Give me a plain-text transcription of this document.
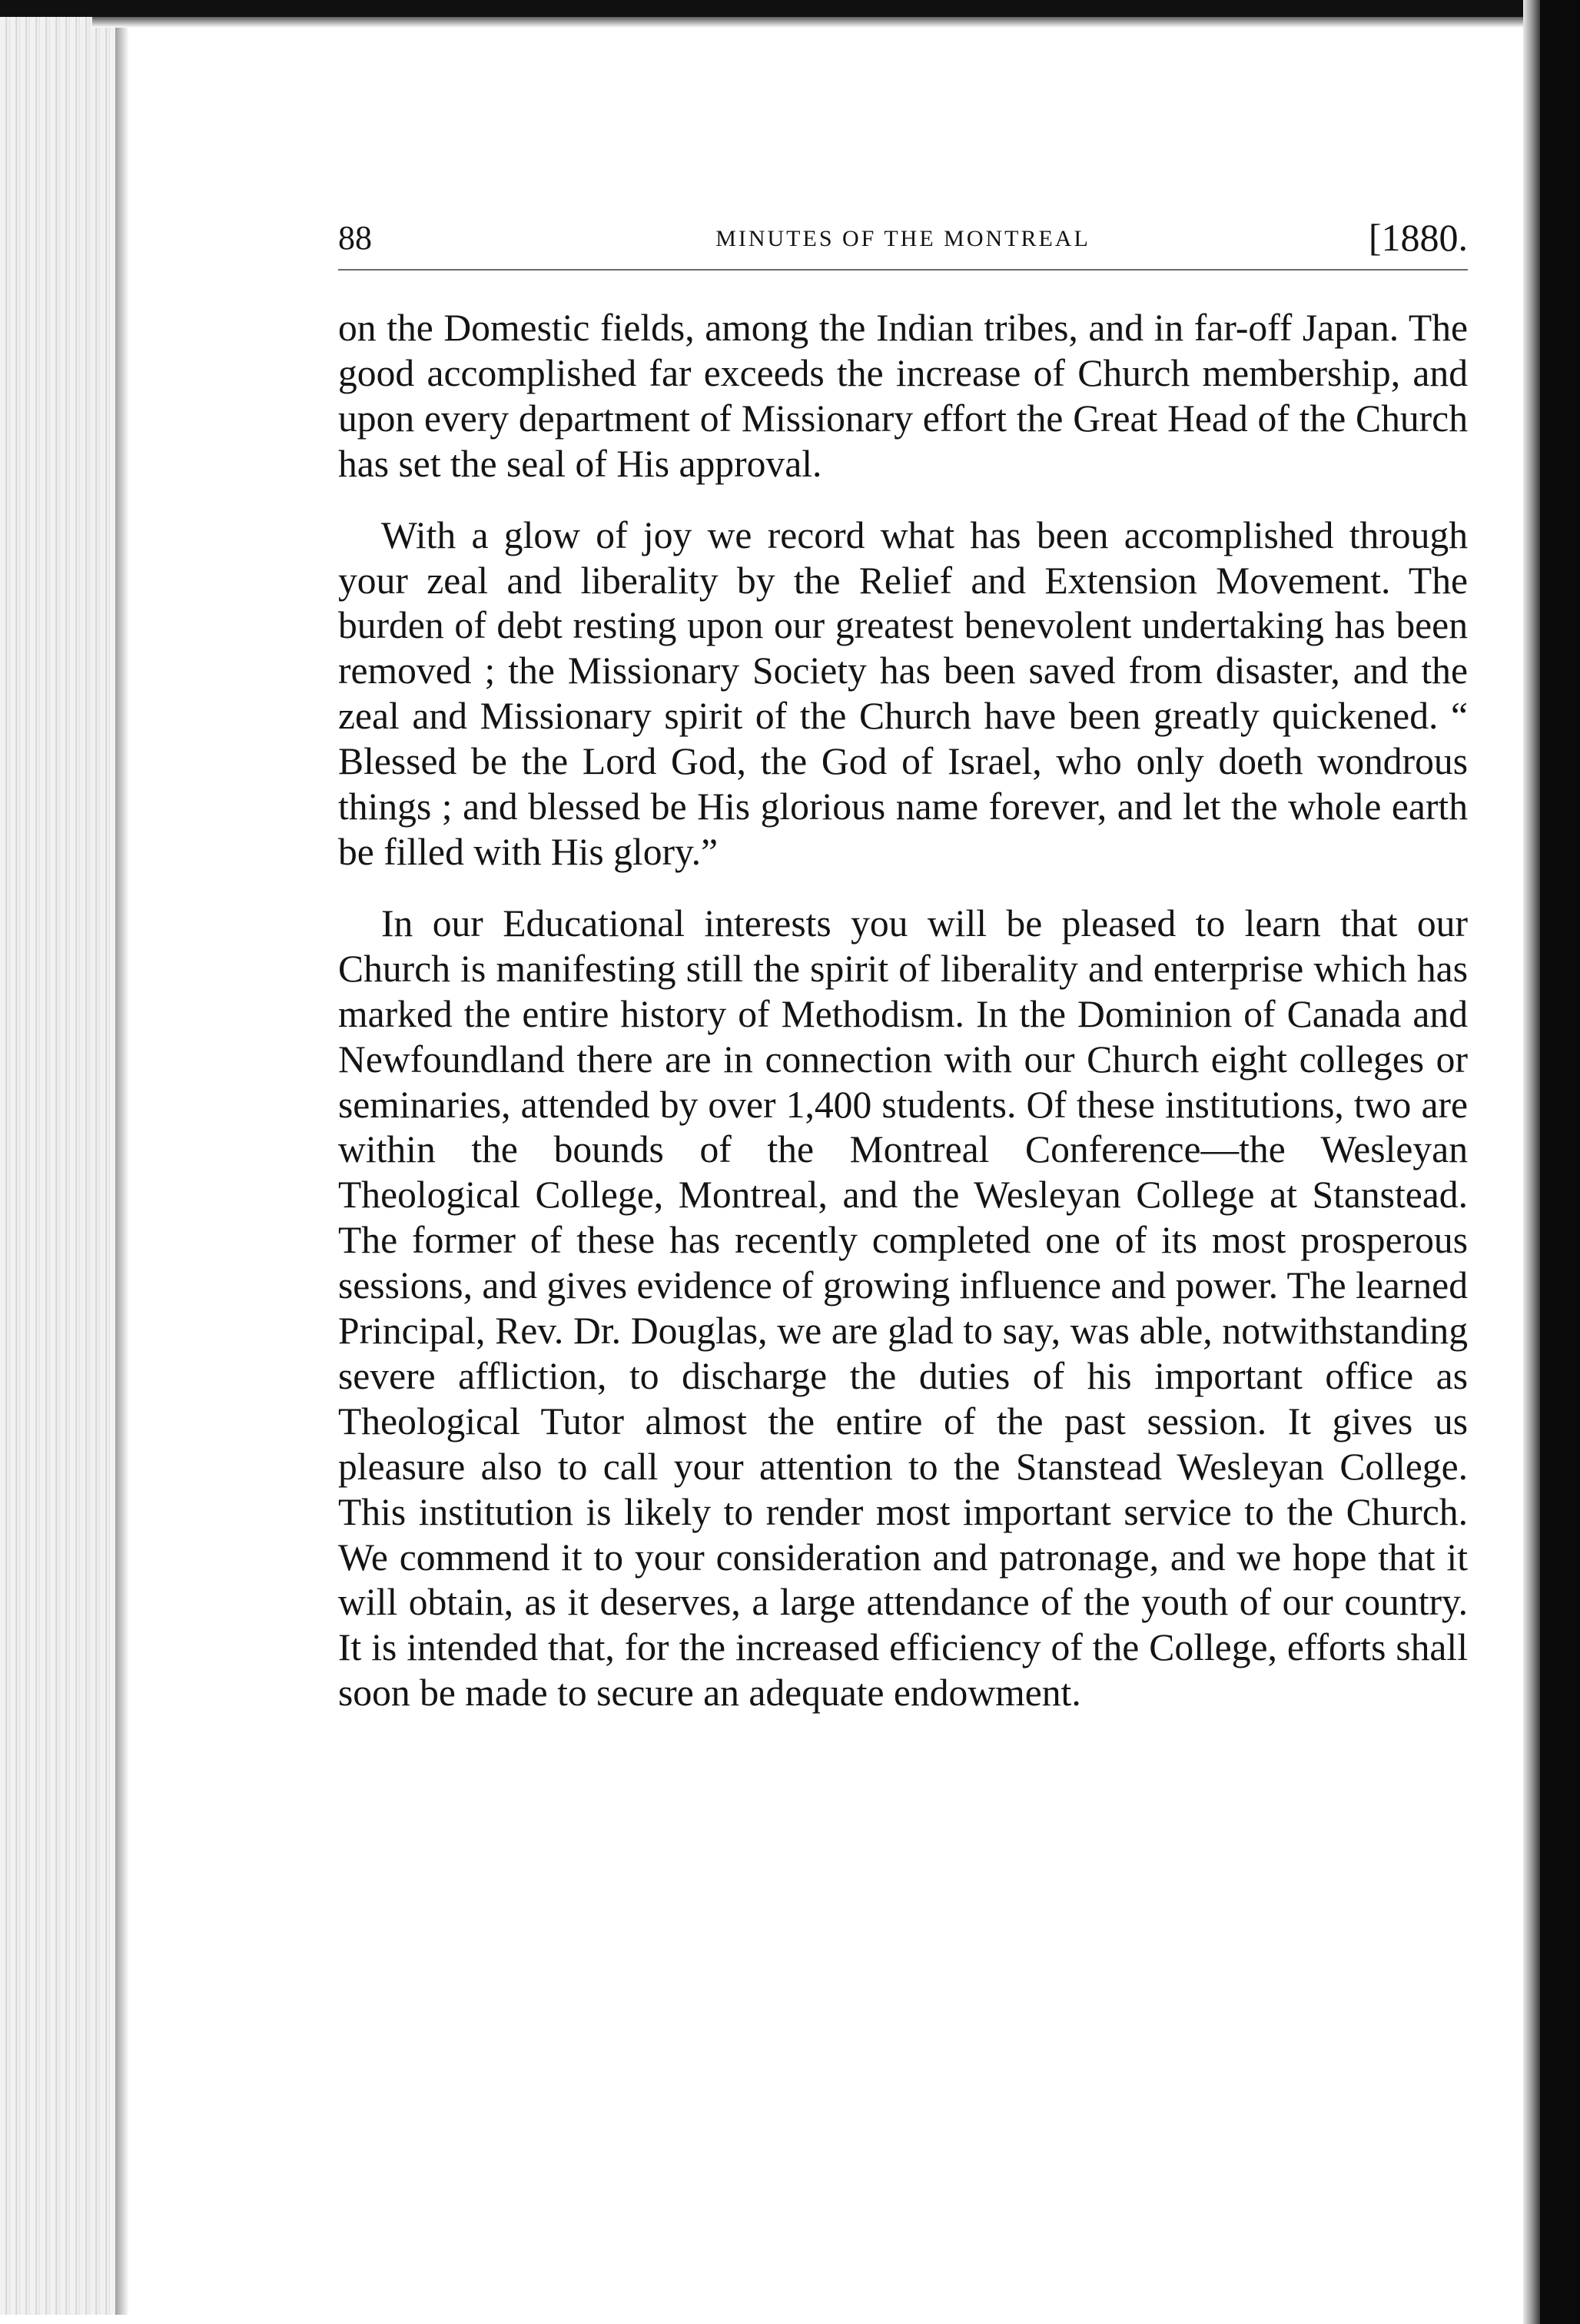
88	MINUTES OF THE MONTREAL	[1880.

on the Domestic fields, among the Indian tribes, and in far-off Japan. The good accomplished far exceeds the increase of Church membership, and upon every department of Missionary effort the Great Head of the Church has set the seal of His approval.

With a glow of joy we record what has been accomplished through your zeal and liberality by the Relief and Extension Movement. The burden of debt resting upon our greatest benevolent undertaking has been removed ; the Missionary Society has been saved from disaster, and the zeal and Missionary spirit of the Church have been greatly quickened. “ Blessed be the Lord God, the God of Israel, who only doeth wondrous things ; and blessed be His glorious name forever, and let the whole earth be filled with His glory.”

In our Educational interests you will be pleased to learn that our Church is manifesting still the spirit of liberality and enterprise which has marked the entire history of Methodism. In the Dominion of Canada and Newfoundland there are in connection with our Church eight colleges or seminaries, attended by over 1,400 students. Of these institutions, two are within the bounds of the Montreal Conference—the Wesleyan Theological College, Montreal, and the Wesleyan College at Stanstead. The former of these has recently completed one of its most prosperous sessions, and gives evidence of growing influence and power. The learned Principal, Rev. Dr. Douglas, we are glad to say, was able, notwithstanding severe affliction, to discharge the duties of his important office as Theological Tutor almost the entire of the past session. It gives us pleasure also to call your attention to the Stanstead Wesleyan College. This institution is likely to render most important service to the Church. We commend it to your consideration and patronage, and we hope that it will obtain, as it deserves, a large attendance of the youth of our country. It is intended that, for the increased efficiency of the College, efforts shall soon be made to secure an adequate endowment.
